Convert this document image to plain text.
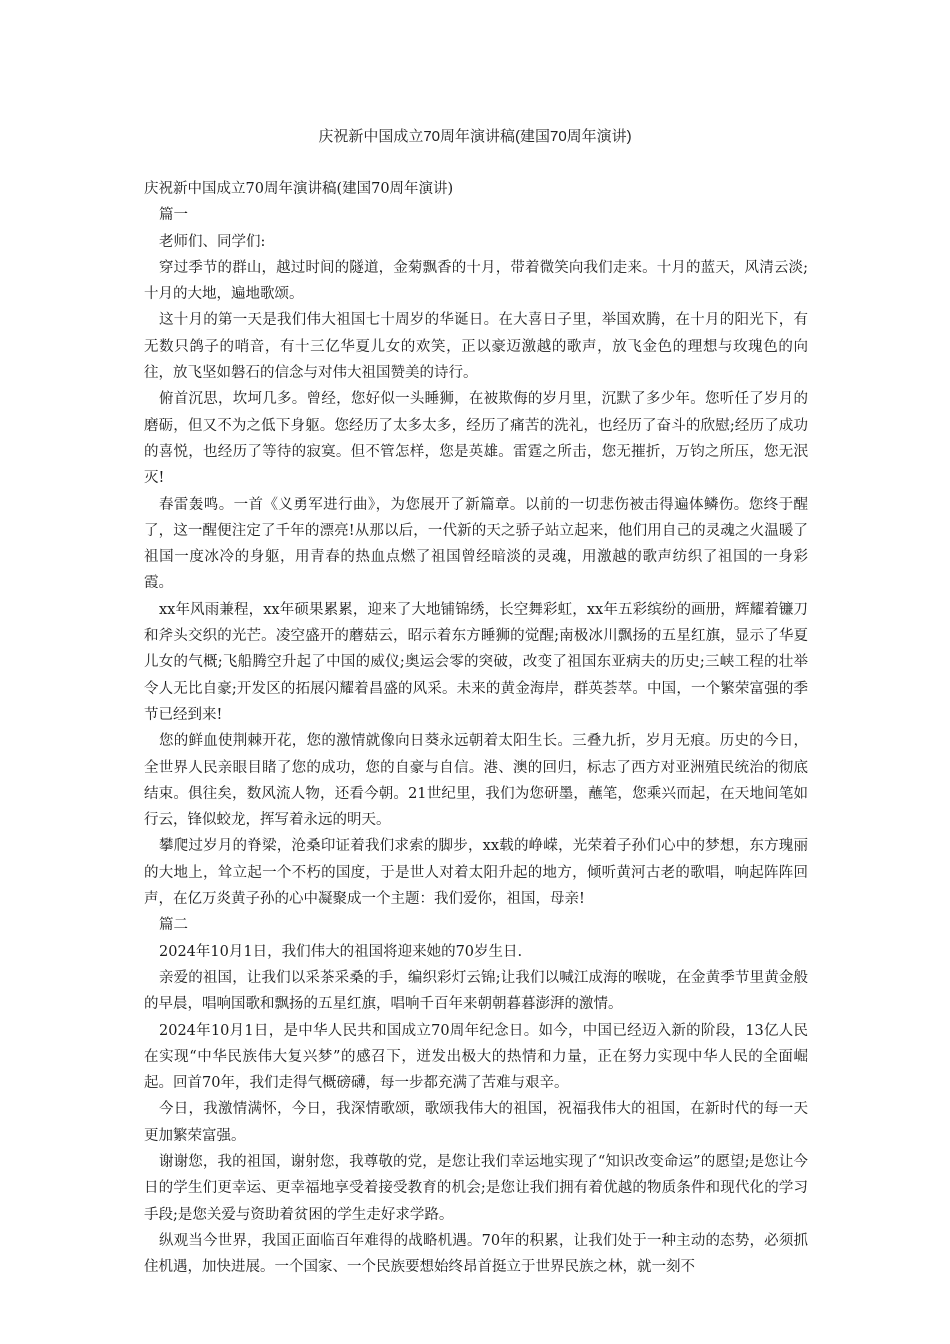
庆祝新中国成立70周年演讲稿(建国70周年演讲)

庆祝新中国成立70周年演讲稿(建国70周年演讲)

篇一

老师们、同学们:

穿过季节的群山，越过时间的隧道，金菊飘香的十月，带着微笑向我们走来。十月的蓝天，风清云淡;十月的大地，遍地歌颂。

这十月的第一天是我们伟大祖国七十周岁的华诞日。在大喜日子里，举国欢腾，在十月的阳光下，有无数只鸽子的哨音，有十三亿华夏儿女的欢笑，正以豪迈激越的歌声，放飞金色的理想与玫瑰色的向往，放飞坚如磐石的信念与对伟大祖国赞美的诗行。

俯首沉思，坎坷几多。曾经，您好似一头睡狮，在被欺侮的岁月里，沉默了多少年。您听任了岁月的磨砺，但又不为之低下身躯。您经历了太多太多，经历了痛苦的洗礼，也经历了奋斗的欣慰;经历了成功的喜悦，也经历了等待的寂寞。但不管怎样，您是英雄。雷霆之所击，您无摧折，万钧之所压，您无泯灭!

春雷轰鸣。一首《义勇军进行曲》，为您展开了新篇章。以前的一切悲伤被击得遍体鳞伤。您终于醒了，这一醒便注定了千年的漂亮!从那以后，一代新的天之骄子站立起来，他们用自己的灵魂之火温暖了祖国一度冰冷的身躯，用青春的热血点燃了祖国曾经暗淡的灵魂，用激越的歌声纺织了祖国的一身彩霞。

xx年风雨兼程，xx年硕果累累，迎来了大地铺锦绣，长空舞彩虹，xx年五彩缤纷的画册，辉耀着镰刀和斧头交织的光芒。凌空盛开的蘑菇云，昭示着东方睡狮的觉醒;南极冰川飘扬的五星红旗，显示了华夏儿女的气概;飞船腾空升起了中国的威仪;奥运会零的突破，改变了祖国东亚病夫的历史;三峡工程的壮举令人无比自豪;开发区的拓展闪耀着昌盛的风采。未来的黄金海岸，群英荟萃。中国，一个繁荣富强的季节已经到来!

您的鲜血使荆棘开花，您的激情就像向日葵永远朝着太阳生长。三叠九折，岁月无痕。历史的今日，全世界人民亲眼目睹了您的成功，您的自豪与自信。港、澳的回归，标志了西方对亚洲殖民统治的彻底结束。俱往矣，数风流人物，还看今朝。21世纪里，我们为您研墨，蘸笔，您乘兴而起，在天地间笔如行云，锋似蛟龙，挥写着永远的明天。

攀爬过岁月的脊梁，沧桑印证着我们求索的脚步，xx载的峥嵘，光荣着子孙们心中的梦想，东方瑰丽的大地上，耸立起一个不朽的国度，于是世人对着太阳升起的地方，倾听黄河古老的歌唱，响起阵阵回声，在亿万炎黄子孙的心中凝聚成一个主题：我们爱你，祖国，母亲!

篇二

2024年10月1日，我们伟大的祖国将迎来她的70岁生日.

亲爱的祖国，让我们以采茶采桑的手，编织彩灯云锦;让我们以喊江成海的喉咙，在金黄季节里黄金般的早晨，唱响国歌和飘扬的五星红旗，唱响千百年来朝朝暮暮澎湃的激情。

2024年10月1日，是中华人民共和国成立70周年纪念日。如今，中国已经迈入新的阶段，13亿人民在实现“中华民族伟大复兴梦”的感召下，迸发出极大的热情和力量，正在努力实现中华人民的全面崛起。回首70年，我们走得气概磅礴，每一步都充满了苦难与艰辛。

今日，我激情满怀，今日，我深情歌颂，歌颂我伟大的祖国，祝福我伟大的祖国，在新时代的每一天更加繁荣富强。

谢谢您，我的祖国，谢射您，我尊敬的党，是您让我们幸运地实现了“知识改变命运”的愿望;是您让今日的学生们更幸运、更幸福地享受着接受教育的机会;是您让我们拥有着优越的物质条件和现代化的学习手段;是您关爱与资助着贫困的学生走好求学路。

纵观当今世界，我国正面临百年难得的战略机遇。70年的积累，让我们处于一种主动的态势，必须抓住机遇，加快进展。一个国家、一个民族要想始终昂首挺立于世界民族之林，就一刻不
